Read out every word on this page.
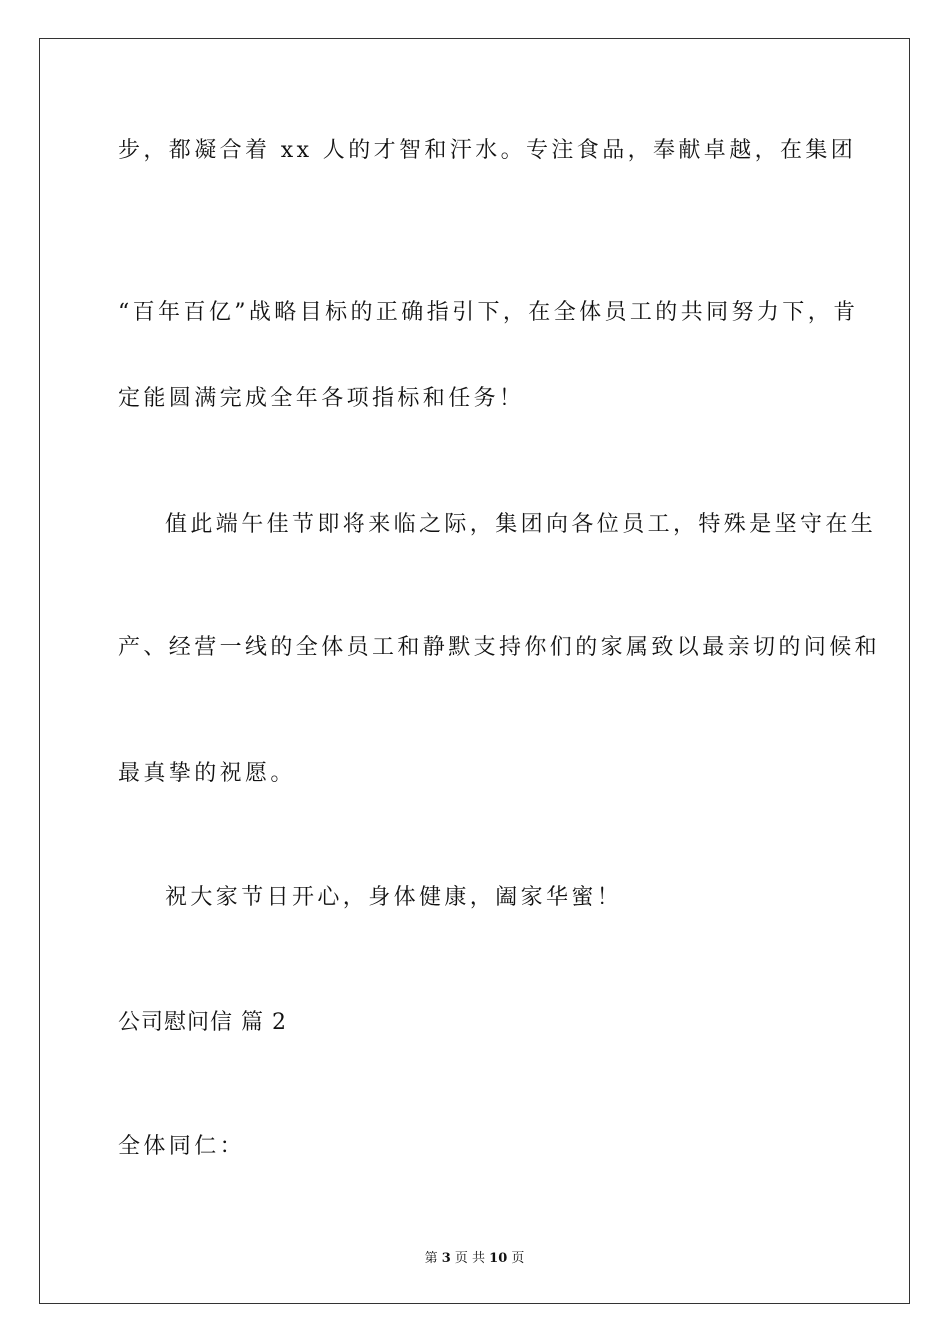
步，都凝合着 xx 人的才智和汗水。专注食品，奉献卓越，在集团
“百年百亿”战略目标的正确指引下，在全体员工的共同努力下，肯
定能圆满完成全年各项指标和任务！
值此端午佳节即将来临之际，集团向各位员工，特殊是坚守在生
产、经营一线的全体员工和静默支持你们的家属致以最亲切的问候和
最真挚的祝愿。
祝大家节日开心，身体健康，阖家华蜜！
公司慰问信 篇 2
全体同仁：
第 3 页 共 10 页
